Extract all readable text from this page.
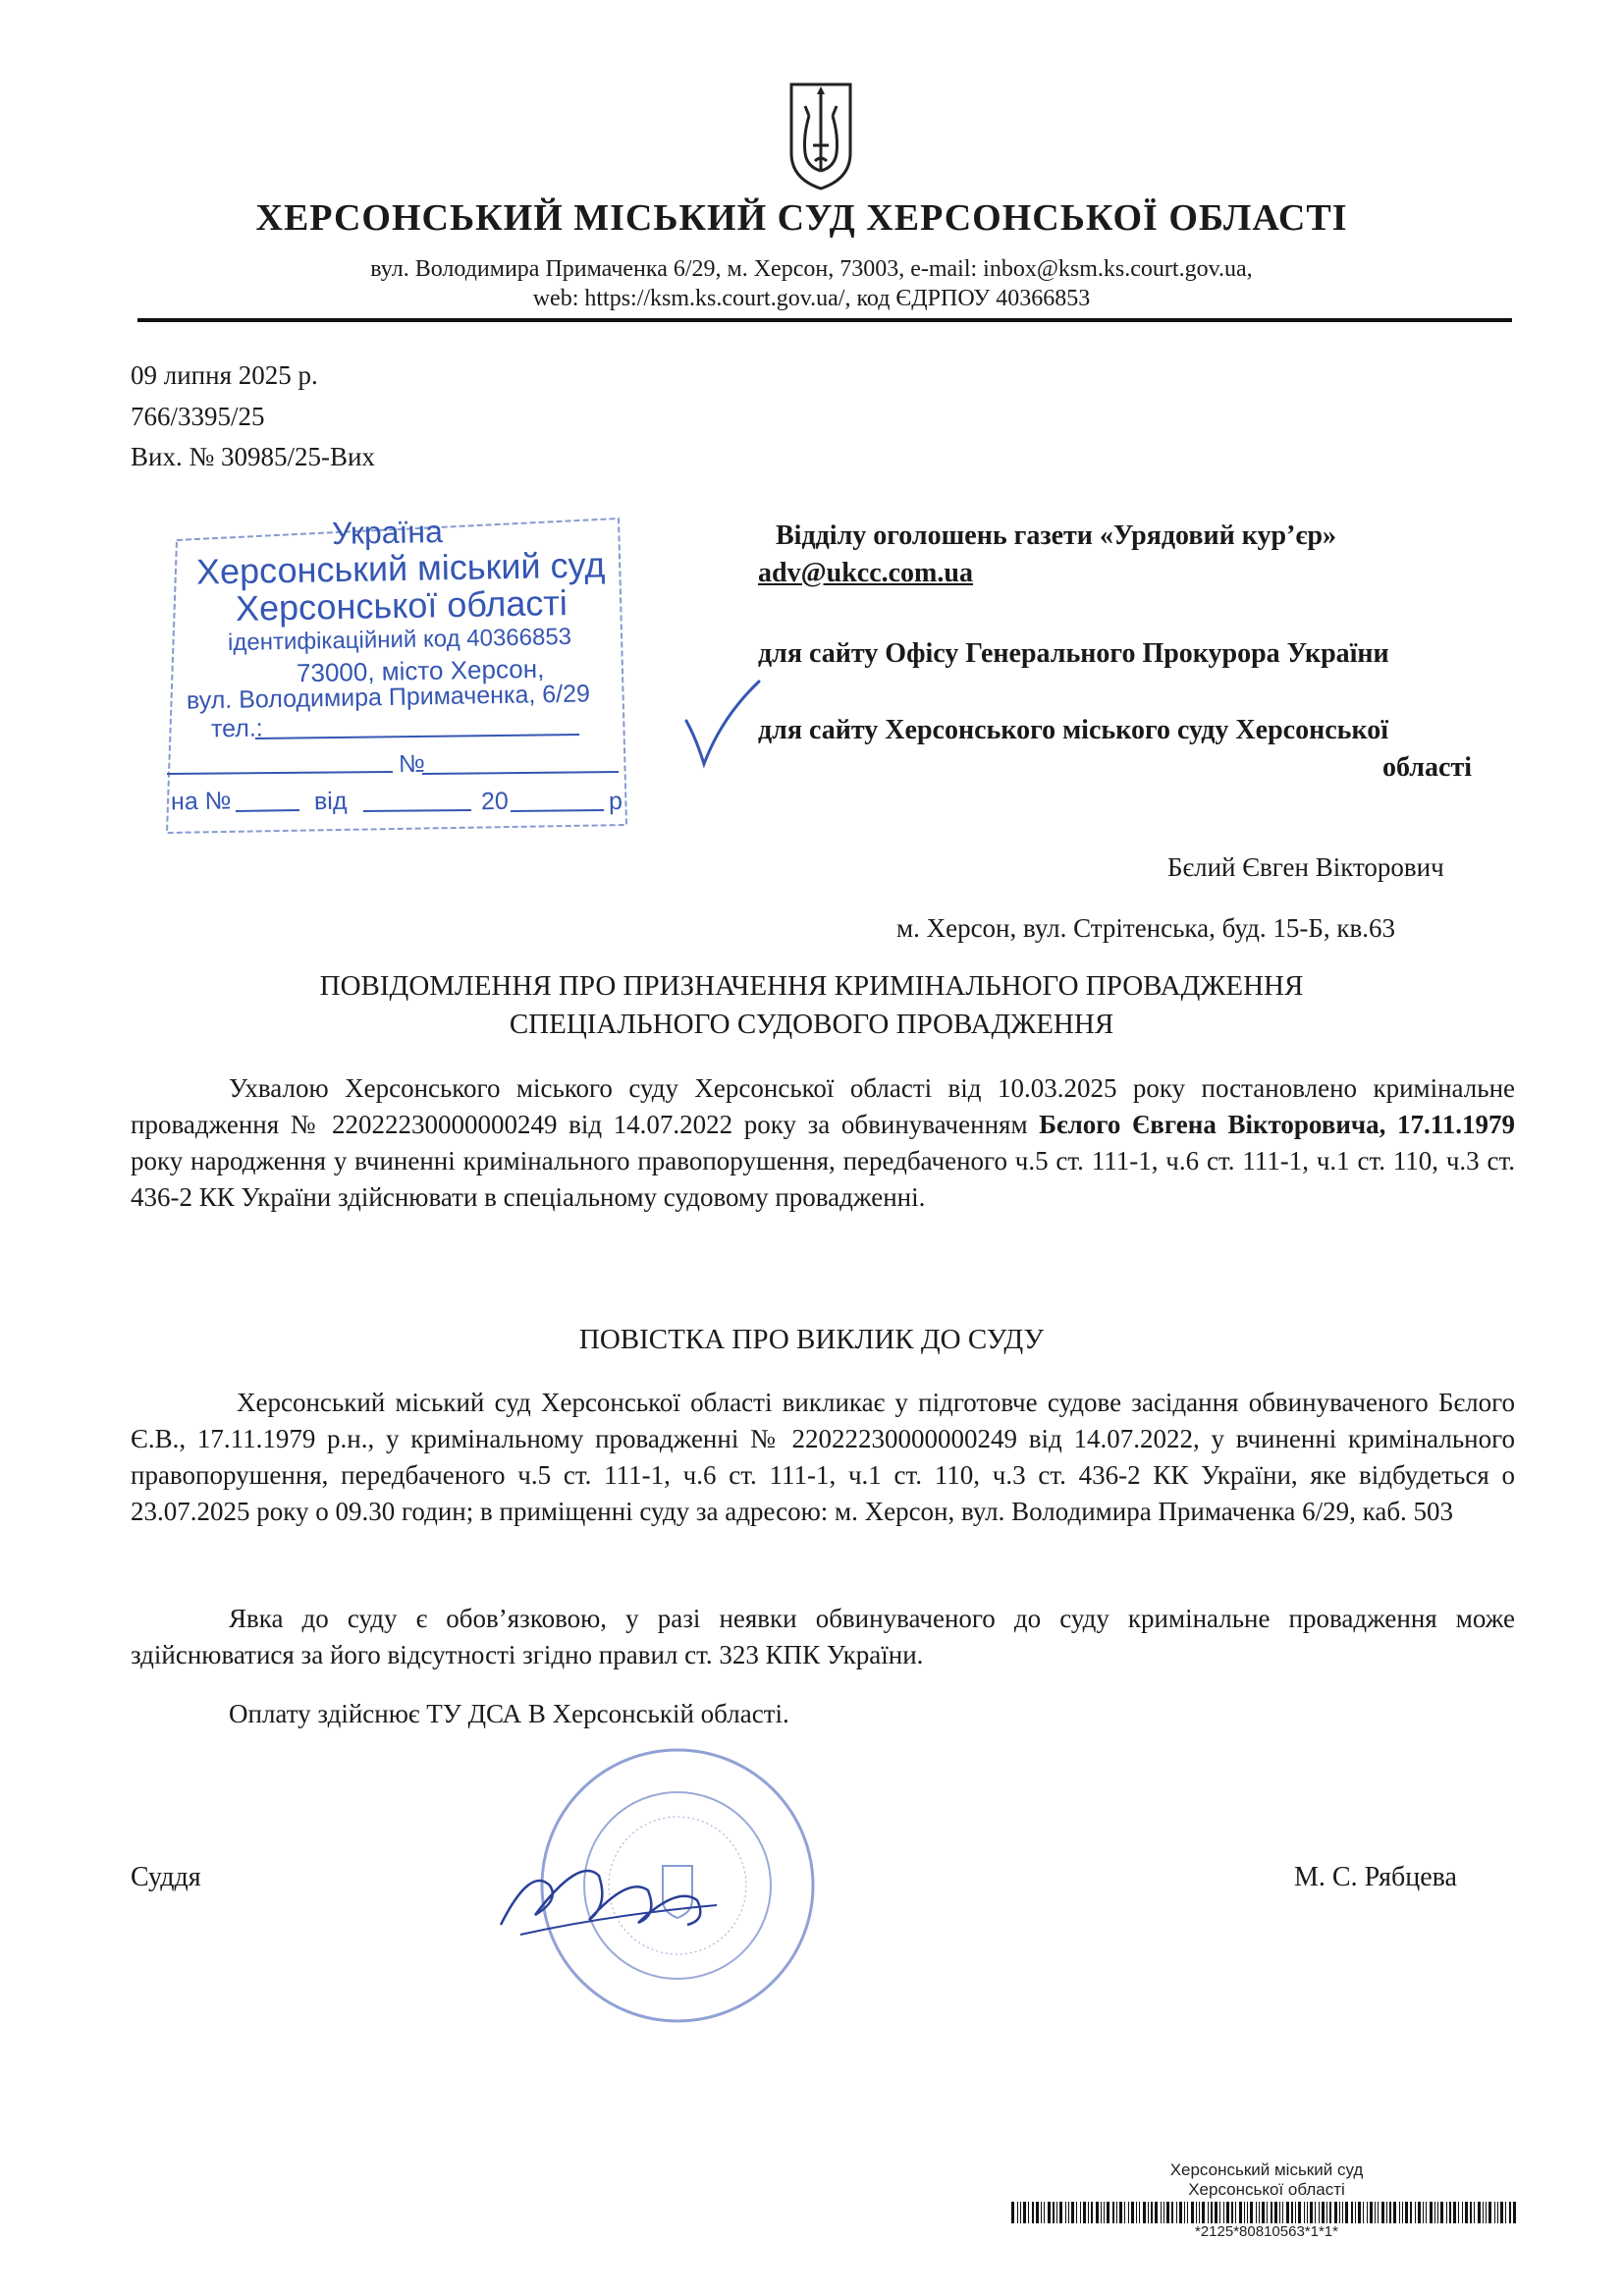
ХЕРСОНСЬКИЙ МІСЬКИЙ СУД ХЕРСОНСЬКОЇ ОБЛАСТІ
вул. Володимира Примаченка 6/29, м. Херсон, 73003, e-mail: inbox@ksm.ks.court.gov.ua,
web: https://ksm.ks.court.gov.ua/, код ЄДРПОУ 40366853
09 липня 2025 р.
766/3395/25
Вих. № 30985/25-Вих
Україна
Херсонський міський суд
Херсонської області
ідентифікаційний код 40366853
73000, місто Херсон,
вул. Володимира Примаченка, 6/29
тел.:
№
на №	від	20	р
Відділу оголошень газети «Урядовий кур’єр»
adv@ukcc.com.ua
для сайту Офісу Генерального Прокурора України
для сайту Херсонського міського суду Херсонської
області
Бєлий Євген Вікторович
м. Херсон, вул. Стрітенська, буд. 15-Б, кв.63
ПОВІДОМЛЕННЯ ПРО ПРИЗНАЧЕННЯ КРИМІНАЛЬНОГО ПРОВАДЖЕННЯ
СПЕЦІАЛЬНОГО СУДОВОГО ПРОВАДЖЕННЯ
Ухвалою Херсонського міського суду Херсонської області від 10.03.2025 року постановлено кримінальне провадження № 22022230000000249 від 14.07.2022 року за обвинуваченням Бєлого Євгена Вікторовича, 17.11.1979 року народження у вчиненні кримінального правопорушення, передбаченого ч.5 ст. 111-1, ч.6 ст. 111-1, ч.1 ст. 110, ч.3 ст. 436-2 КК України здійснювати в спеціальному судовому провадженні.
ПОВІСТКА ПРО ВИКЛИК ДО СУДУ
Херсонський міський суд Херсонської області викликає у підготовче судове засідання обвинуваченого Бєлого Є.В., 17.11.1979 р.н., у кримінальному провадженні № 22022230000000249 від 14.07.2022, у вчиненні кримінального правопорушення, передбаченого ч.5 ст. 111-1, ч.6 ст. 111-1, ч.1 ст. 110, ч.3 ст. 436-2 КК України, яке відбудеться о 23.07.2025 року о 09.30 годин; в приміщенні суду за адресою: м. Херсон, вул. Володимира Примаченка 6/29, каб. 503
Явка до суду є обов’язковою, у разі неявки обвинуваченого до суду кримінальне провадження може здійснюватися за його відсутності згідно правил ст. 323 КПК України.
Оплату здійснює ТУ ДСА В Херсонській області.
Суддя	М. С. Рябцева
Херсонський міський суд
Херсонської області
*2125*80810563*1*1*
